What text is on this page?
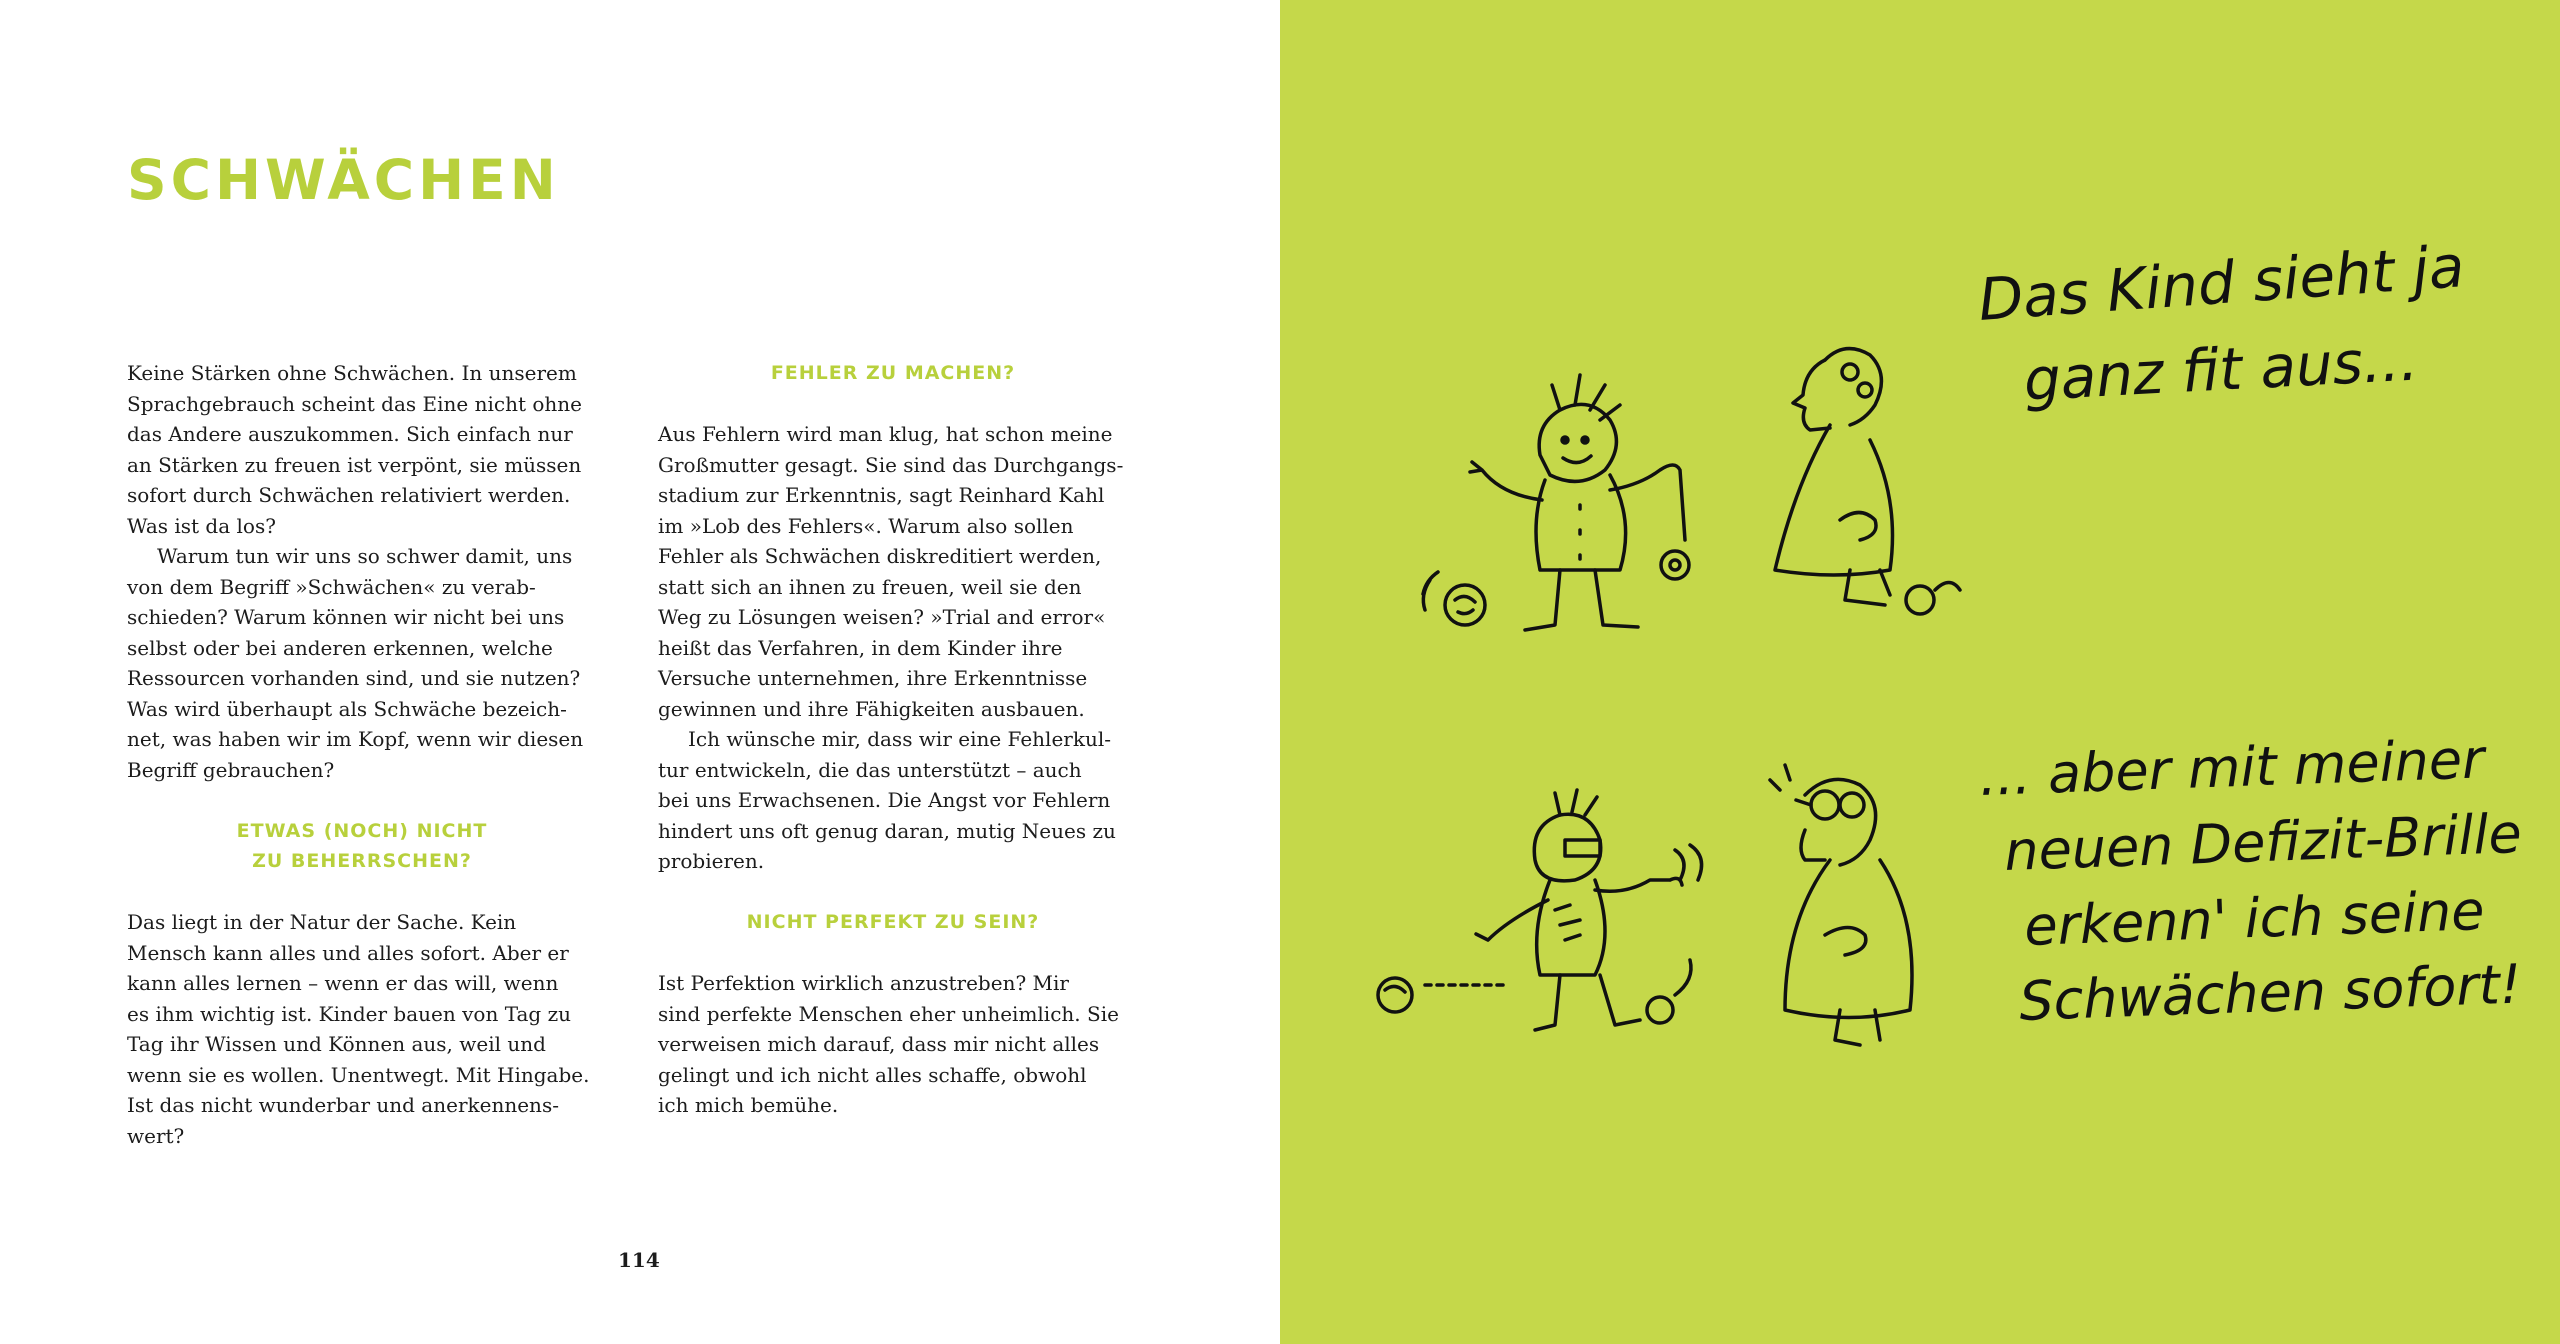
SCHWÄCHEN

Keine Stärken ohne Schwächen. In unserem
Sprachgebrauch scheint das Eine nicht ohne
das Andere auszukommen. Sich einfach nur
an Stärken zu freuen ist verpönt, sie müssen
sofort durch Schwächen relativiert werden.
Was ist da los?

Warum tun wir uns so schwer damit, uns
von dem Begriff »Schwächen« zu verab-
schieden? Warum können wir nicht bei uns
selbst oder bei anderen erkennen, welche
Ressourcen vorhanden sind, und sie nutzen?
Was wird überhaupt als Schwäche bezeich-
net, was haben wir im Kopf, wenn wir diesen
Begriff gebrauchen?

ETWAS (NOCH) NICHT
ZU BEHERRSCHEN?

Das liegt in der Natur der Sache. Kein
Mensch kann alles und alles sofort. Aber er
kann alles lernen – wenn er das will, wenn
es ihm wichtig ist. Kinder bauen von Tag zu
Tag ihr Wissen und Können aus, weil und
wenn sie es wollen. Unentwegt. Mit Hingabe.
Ist das nicht wunderbar und anerkennens-
wert?

FEHLER ZU MACHEN?

Aus Fehlern wird man klug, hat schon meine
Großmutter gesagt. Sie sind das Durchgangs-
stadium zur Erkenntnis, sagt Reinhard Kahl
im »Lob des Fehlers«. Warum also sollen
Fehler als Schwächen diskreditiert werden,
statt sich an ihnen zu freuen, weil sie den
Weg zu Lösungen weisen? »Trial and error«
heißt das Verfahren, in dem Kinder ihre
Versuche unternehmen, ihre Erkenntnisse
gewinnen und ihre Fähigkeiten ausbauen.

Ich wünsche mir, dass wir eine Fehlerkul-
tur entwickeln, die das unterstützt – auch
bei uns Erwachsenen. Die Angst vor Fehlern
hindert uns oft genug daran, mutig Neues zu
probieren.

NICHT PERFEKT ZU SEIN?

Ist Perfektion wirklich anzustreben? Mir
sind perfekte Menschen eher unheimlich. Sie
verweisen mich darauf, dass mir nicht alles
gelingt und ich nicht alles schaffe, obwohl
ich mich bemühe.

114
Das Kind sieht ja
ganz fit aus...
... aber mit meiner
neuen Defizit-Brille
erkenn' ich seine
Schwächen sofort!
